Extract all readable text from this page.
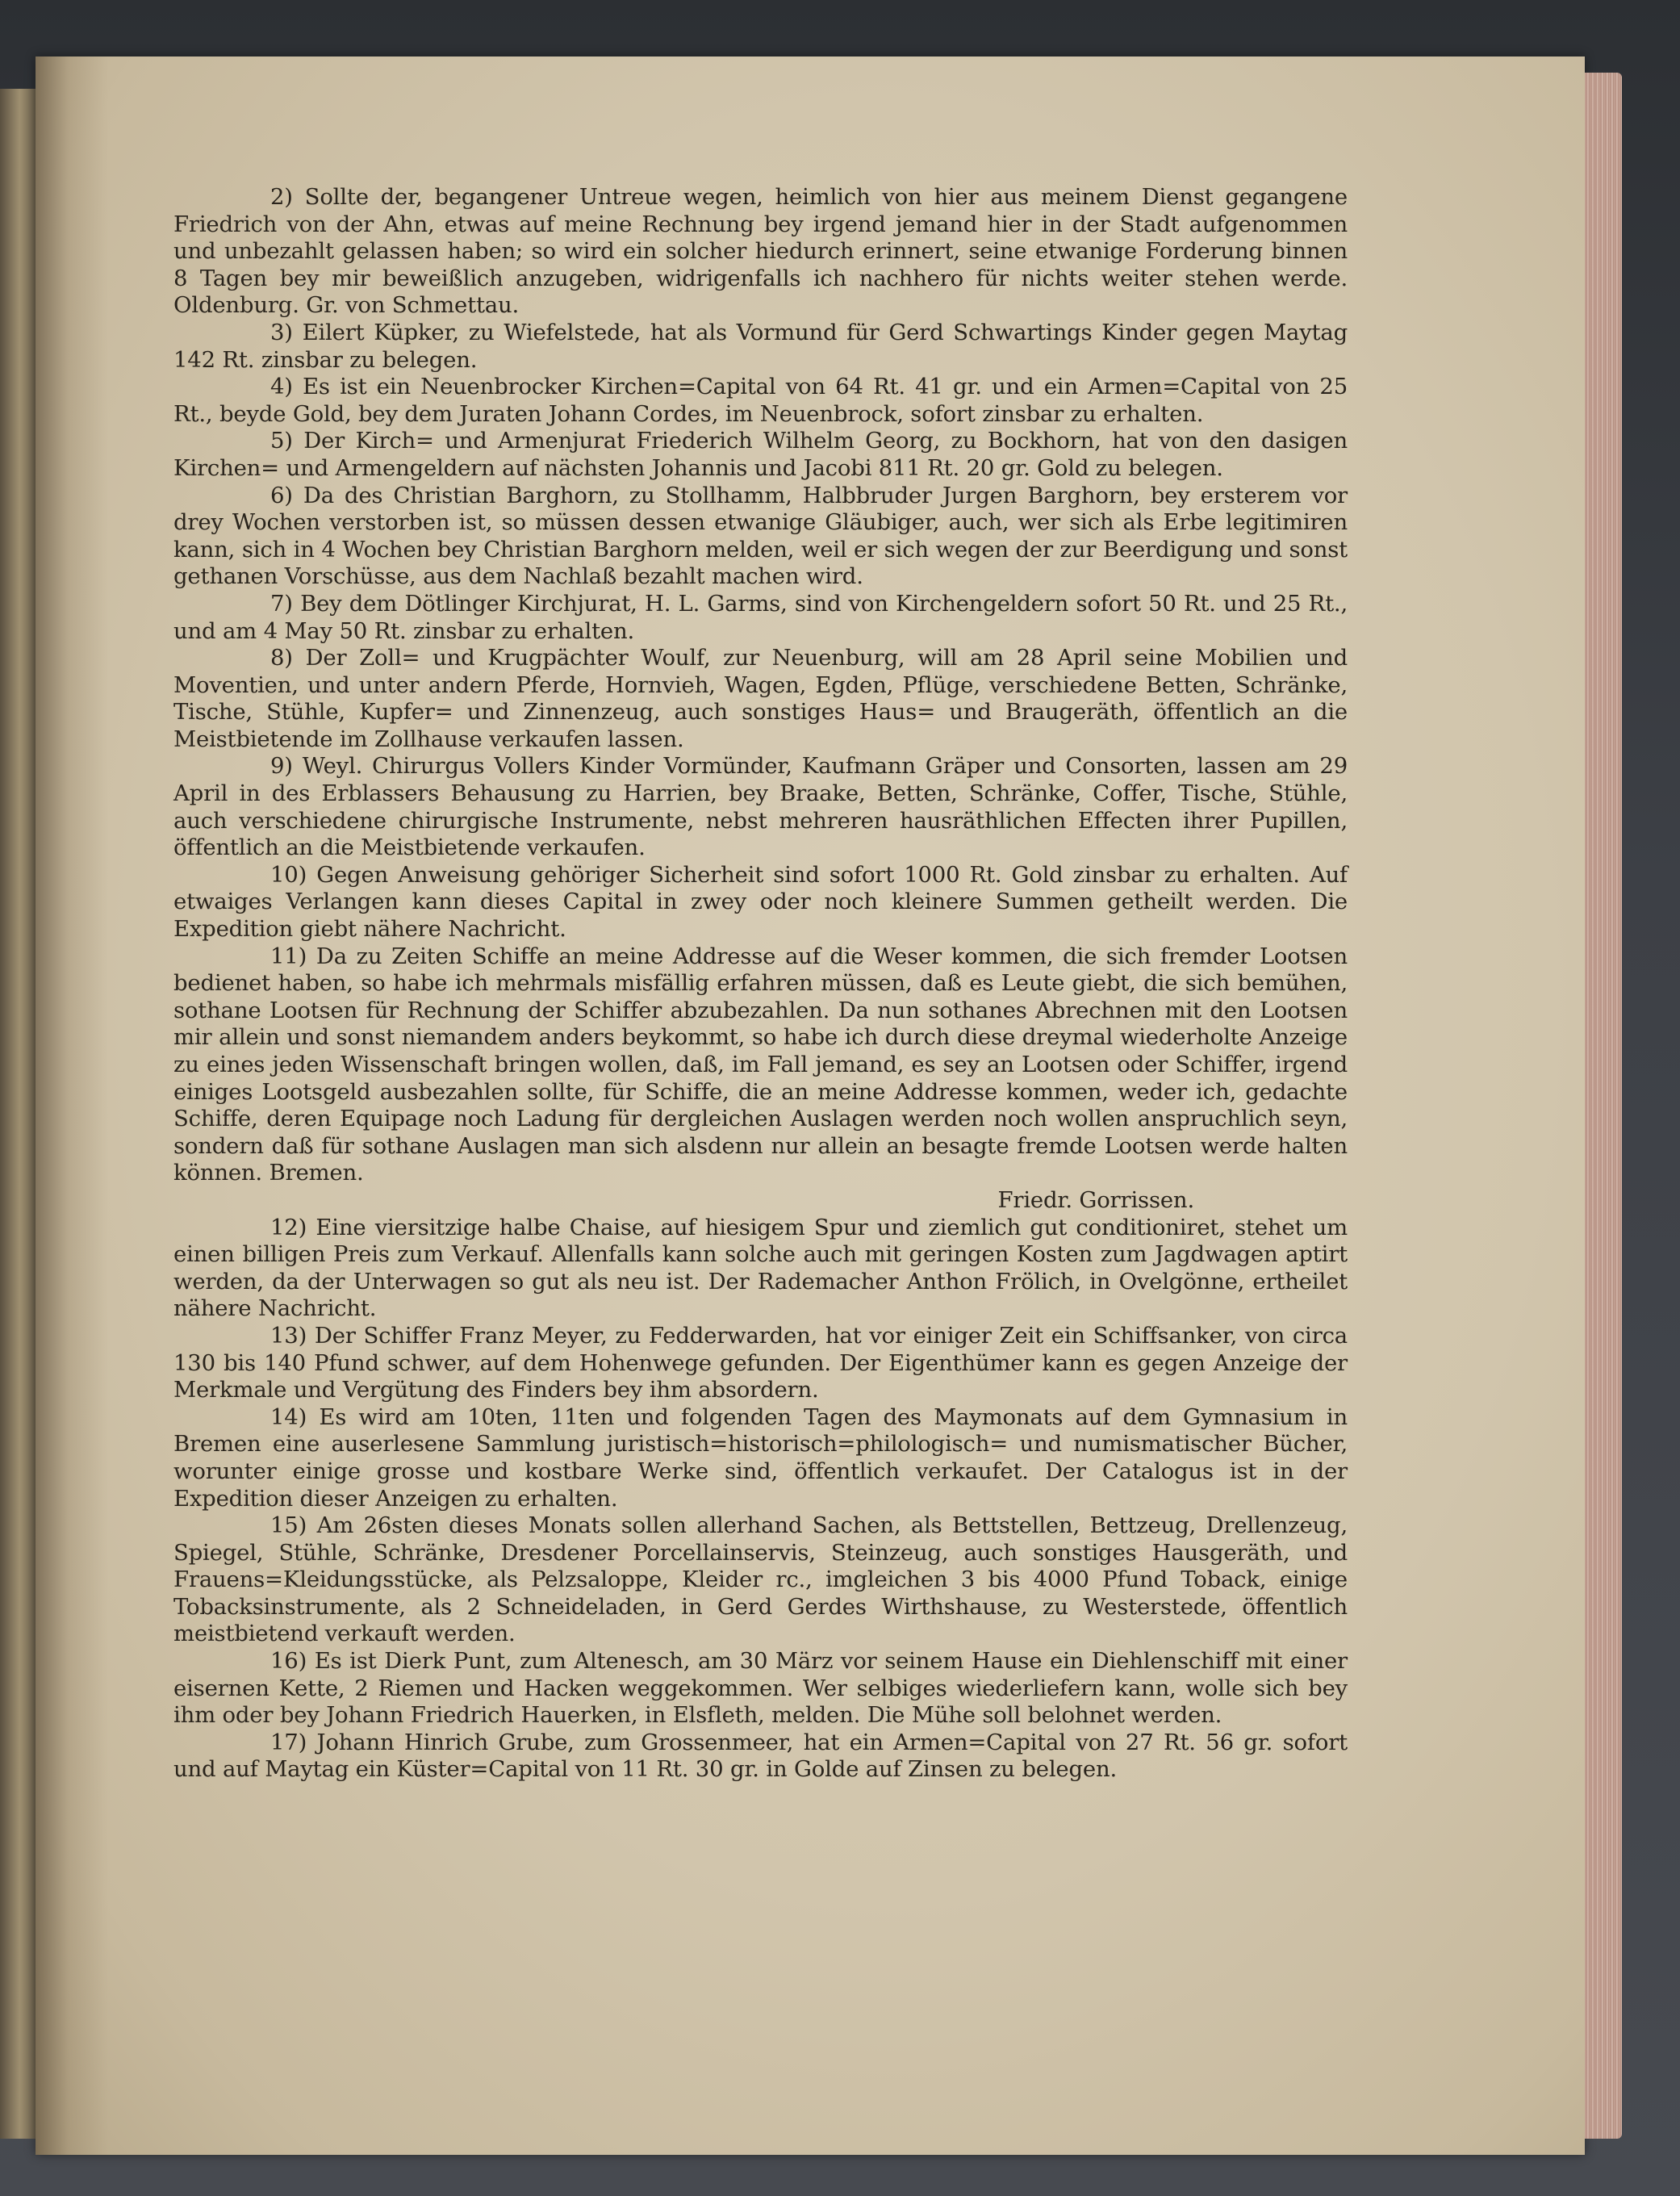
2) Sollte der, begangener Untreue wegen, heimlich von hier aus meinem Dienst gegangene Friedrich von der Ahn, etwas auf meine Rechnung bey irgend jemand hier in der Stadt aufgenommen und unbezahlt gelassen haben; so wird ein solcher hiedurch erinnert, seine etwanige Forderung binnen 8 Tagen bey mir beweißlich anzugeben, widrigenfalls ich nachhero für nichts weiter stehen werde. Oldenburg. Gr. von Schmettau.

3) Eilert Küpker, zu Wiefelstede, hat als Vormund für Gerd Schwartings Kinder gegen Maytag 142 Rt. zinsbar zu belegen.

4) Es ist ein Neuenbrocker Kirchen=Capital von 64 Rt. 41 gr. und ein Armen=Capital von 25 Rt., beyde Gold, bey dem Juraten Johann Cordes, im Neuenbrock, sofort zinsbar zu erhalten.

5) Der Kirch= und Armenjurat Friederich Wilhelm Georg, zu Bockhorn, hat von den dasigen Kirchen= und Armengeldern auf nächsten Johannis und Jacobi 811 Rt. 20 gr. Gold zu belegen.

6) Da des Christian Barghorn, zu Stollhamm, Halbbruder Jurgen Barghorn, bey ersterem vor drey Wochen verstorben ist, so müssen dessen etwanige Gläubiger, auch, wer sich als Erbe legitimiren kann, sich in 4 Wochen bey Christian Barghorn melden, weil er sich wegen der zur Beerdigung und sonst gethanen Vorschüsse, aus dem Nachlaß bezahlt machen wird.

7) Bey dem Dötlinger Kirchjurat, H. L. Garms, sind von Kirchengeldern sofort 50 Rt. und 25 Rt., und am 4 May 50 Rt. zinsbar zu erhalten.

8) Der Zoll= und Krugpächter Woulf, zur Neuenburg, will am 28 April seine Mobilien und Moventien, und unter andern Pferde, Hornvieh, Wagen, Egden, Pflüge, verschiedene Betten, Schränke, Tische, Stühle, Kupfer= und Zinnenzeug, auch sonstiges Haus= und Braugeräth, öffentlich an die Meistbietende im Zollhause verkaufen lassen.

9) Weyl. Chirurgus Vollers Kinder Vormünder, Kaufmann Gräper und Consorten, lassen am 29 April in des Erblassers Behausung zu Harrien, bey Braake, Betten, Schränke, Coffer, Tische, Stühle, auch verschiedene chirurgische Instrumente, nebst mehreren hausräthlichen Effecten ihrer Pupillen, öffentlich an die Meistbietende verkaufen.

10) Gegen Anweisung gehöriger Sicherheit sind sofort 1000 Rt. Gold zinsbar zu erhalten. Auf etwaiges Verlangen kann dieses Capital in zwey oder noch kleinere Summen getheilt werden. Die Expedition giebt nähere Nachricht.

11) Da zu Zeiten Schiffe an meine Addresse auf die Weser kommen, die sich fremder Lootsen bedienet haben, so habe ich mehrmals misfällig erfahren müssen, daß es Leute giebt, die sich bemühen, sothane Lootsen für Rechnung der Schiffer abzubezahlen. Da nun sothanes Abrechnen mit den Lootsen mir allein und sonst niemandem anders beykommt, so habe ich durch diese dreymal wiederholte Anzeige zu eines jeden Wissenschaft bringen wollen, daß, im Fall jemand, es sey an Lootsen oder Schiffer, irgend einiges Lootsgeld ausbezahlen sollte, für Schiffe, die an meine Addresse kommen, weder ich, gedachte Schiffe, deren Equipage noch Ladung für dergleichen Auslagen werden noch wollen anspruchlich seyn, sondern daß für sothane Auslagen man sich alsdenn nur allein an besagte fremde Lootsen werde halten können. Bremen.

Friedr. Gorrissen.

12) Eine viersitzige halbe Chaise, auf hiesigem Spur und ziemlich gut conditioniret, stehet um einen billigen Preis zum Verkauf. Allenfalls kann solche auch mit geringen Kosten zum Jagdwagen aptirt werden, da der Unterwagen so gut als neu ist. Der Rademacher Anthon Frölich, in Ovelgönne, ertheilet nähere Nachricht.

13) Der Schiffer Franz Meyer, zu Fedderwarden, hat vor einiger Zeit ein Schiffsanker, von circa 130 bis 140 Pfund schwer, auf dem Hohenwege gefunden. Der Eigenthümer kann es gegen Anzeige der Merkmale und Vergütung des Finders bey ihm absordern.

14) Es wird am 10ten, 11ten und folgenden Tagen des Maymonats auf dem Gymnasium in Bremen eine auserlesene Sammlung juristisch=historisch=philologisch= und numismatischer Bücher, worunter einige grosse und kostbare Werke sind, öffentlich verkaufet. Der Catalogus ist in der Expedition dieser Anzeigen zu erhalten.

15) Am 26sten dieses Monats sollen allerhand Sachen, als Bettstellen, Bettzeug, Drellenzeug, Spiegel, Stühle, Schränke, Dresdener Porcellainservis, Steinzeug, auch sonstiges Hausgeräth, und Frauens=Kleidungsstücke, als Pelzsaloppe, Kleider rc., imgleichen 3 bis 4000 Pfund Toback, einige Tobacksinstrumente, als 2 Schneideladen, in Gerd Gerdes Wirthshause, zu Westerstede, öffentlich meistbietend verkauft werden.

16) Es ist Dierk Punt, zum Altenesch, am 30 März vor seinem Hause ein Diehlenschiff mit einer eisernen Kette, 2 Riemen und Hacken weggekommen. Wer selbiges wiederliefern kann, wolle sich bey ihm oder bey Johann Friedrich Hauerken, in Elsfleth, melden. Die Mühe soll belohnet werden.

17) Johann Hinrich Grube, zum Grossenmeer, hat ein Armen=Capital von 27 Rt. 56 gr. sofort und auf Maytag ein Küster=Capital von 11 Rt. 30 gr. in Golde auf Zinsen zu belegen.
